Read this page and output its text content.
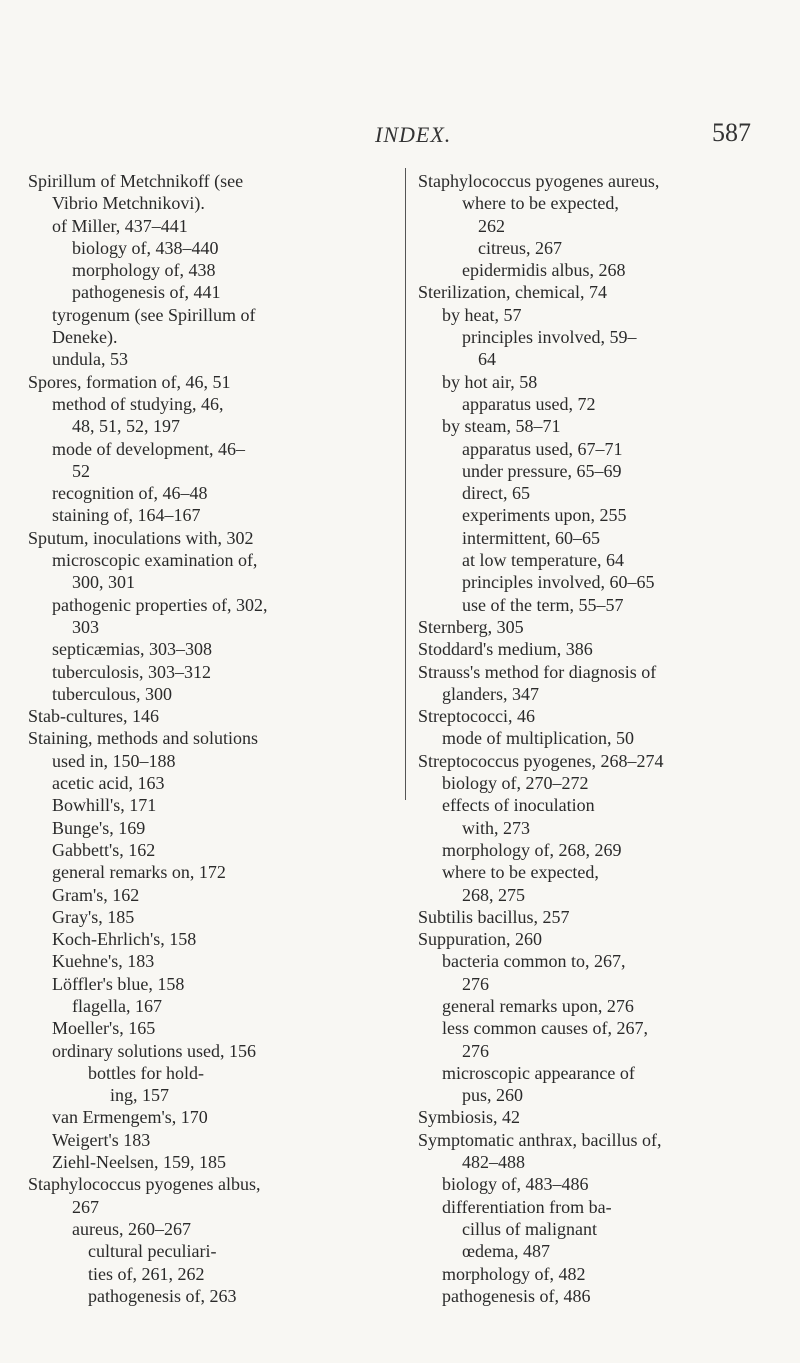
INDEX.	587
Spirillum of Metchnikoff (see
Vibrio Metchnikovi).
of Miller, 437–441
biology of, 438–440
morphology of, 438
pathogenesis of, 441
tyrogenum (see Spirillum of
Deneke).
undula, 53
Spores, formation of, 46, 51
method of studying, 46,
48, 51, 52, 197
mode of development, 46–
52
recognition of, 46–48
staining of, 164–167
Sputum, inoculations with, 302
microscopic examination of,
300, 301
pathogenic properties of, 302,
303
septicæmias, 303–308
tuberculosis, 303–312
tuberculous, 300
Stab-cultures, 146
Staining, methods and solutions
used in, 150–188
acetic acid, 163
Bowhill's, 171
Bunge's, 169
Gabbett's, 162
general remarks on, 172
Gram's, 162
Gray's, 185
Koch-Ehrlich's, 158
Kuehne's, 183
Löffler's blue, 158
flagella, 167
Moeller's, 165
ordinary solutions used, 156
bottles for hold-
ing, 157
van Ermengem's, 170
Weigert's 183
Ziehl-Neelsen, 159, 185
Staphylococcus pyogenes albus,
267
aureus, 260–267
cultural peculiari-
ties of, 261, 262
pathogenesis of, 263
Staphylococcus pyogenes aureus,
where to be expected,
262
citreus, 267
epidermidis albus, 268
Sterilization, chemical, 74
by heat, 57
principles involved, 59–
64
by hot air, 58
apparatus used, 72
by steam, 58–71
apparatus used, 67–71
under pressure, 65–69
direct, 65
experiments upon, 255
intermittent, 60–65
at low temperature, 64
principles involved, 60–65
use of the term, 55–57
Sternberg, 305
Stoddard's medium, 386
Strauss's method for diagnosis of
glanders, 347
Streptococci, 46
mode of multiplication, 50
Streptococcus pyogenes, 268–274
biology of, 270–272
effects of inoculation
with, 273
morphology of, 268, 269
where to be expected,
268, 275
Subtilis bacillus, 257
Suppuration, 260
bacteria common to, 267,
276
general remarks upon, 276
less common causes of, 267,
276
microscopic appearance of
pus, 260
Symbiosis, 42
Symptomatic anthrax, bacillus of,
482–488
biology of, 483–486
differentiation from ba-
cillus of malignant
œdema, 487
morphology of, 482
pathogenesis of, 486
